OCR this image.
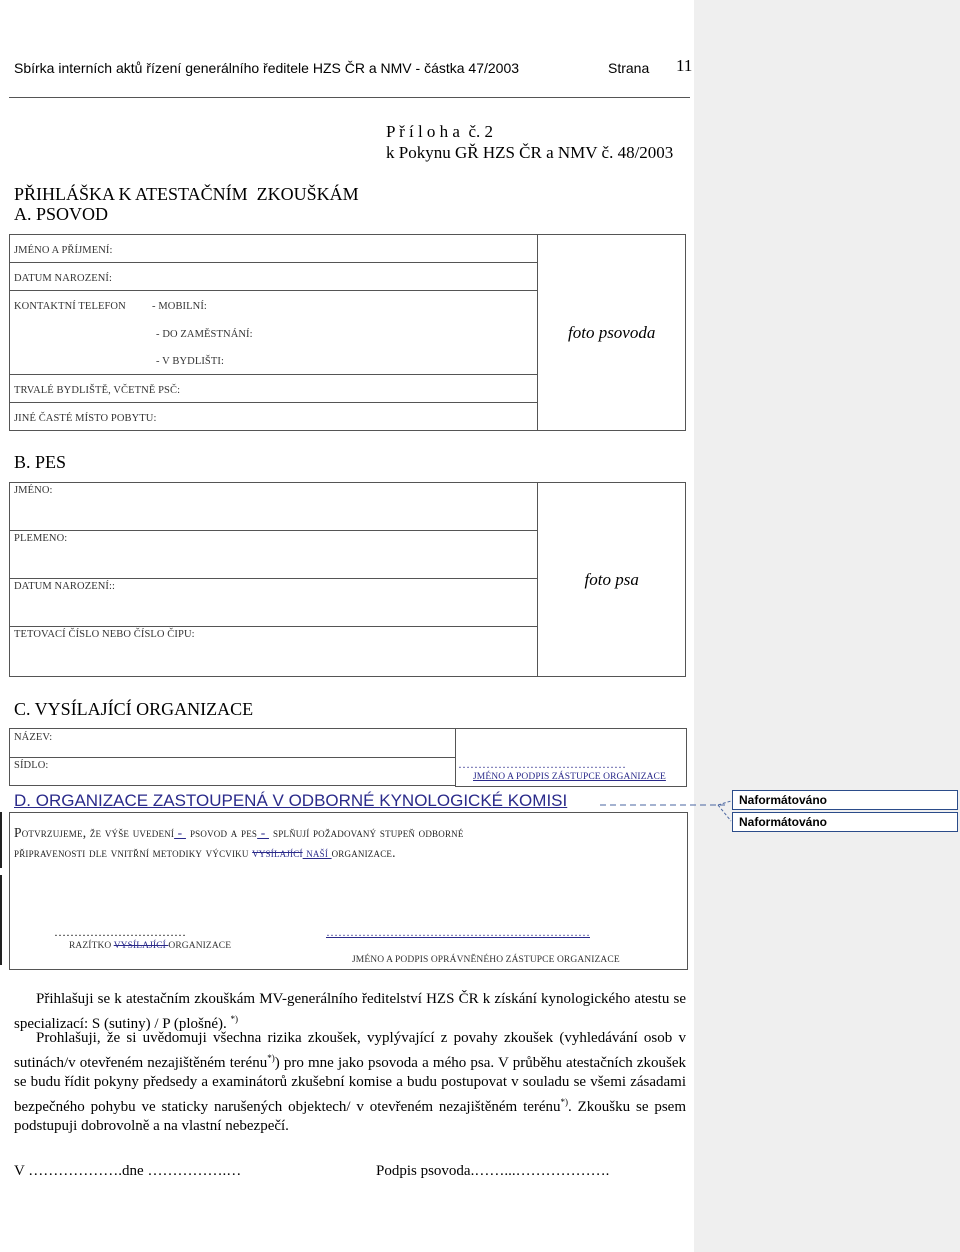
Sbírka interních aktů řízení generálního ředitele HZS ČR a NMV - částka 47/2003	Strana 11
P ř í l o h a  č. 2
k Pokynu GŘ HZS ČR a NMV č. 48/2003
PŘIHLÁŠKA K ATESTAČNÍM  ZKOUŠKÁM
A. PSOVOD
JMÉNO A PŘÍJMENÍ:	foto psovoda
DATUM NAROZENÍ:
KONTAKTNÍ TELEFON - MOBILNÍ:
- DO ZAMĚSTNÁNÍ:
- V BYDLIŠTI:
TRVALÉ BYDLIŠTĚ, VČETNĚ PSČ:
JINÉ ČASTÉ MÍSTO POBYTU:
B. PES
JMÉNO:
	foto psa

PLEMENO:

DATUM NAROZENÍ::

TETOVACÍ ČÍSLO NEBO ČÍSLO ČIPU:
C. VYSÍLAJÍCÍ ORGANIZACE
NÁZEV:
SÍDLO:	……………………………………
JMÉNO A PODPIS ZÁSTUPCE ORGANIZACE
D. ORGANIZACE ZASTOUPENÁ V ODBORNÉ KYNOLOGICKÉ KOMISI	Naformátováno
Naformátováno
Potvrzujeme, že výše uvedení - psovod a pes - splňují požadovaný stupeň odborné
připravenosti dle vnitřní metodiky výcviku vysílající naší organizace.
……………………………
RAZÍTKO VYSÍLAJÍCÍ ORGANIZACE
…………………………………………………………
JMÉNO A PODPIS OPRÁVNĚNÉHO ZÁSTUPCE ORGANIZACE
Přihlašuji se k atestačním zkouškám MV-generálního ředitelství HZS ČR k získání kynologického atestu se specializací: S (sutiny) / P (plošné). *)
Prohlašuji, že si uvědomuji všechna rizika zkoušek, vyplývající z povahy zkoušek (vyhledávání osob v sutinách/v otevřeném nezajištěném terénu*)) pro mne jako psovoda a mého psa. V průběhu atestačních zkoušek se budu řídit pokyny předsedy a examinátorů zkušební komise a budu postupovat v souladu se všemi zásadami bezpečného pohybu ve staticky narušených objektech/ v otevřeném nezajištěném terénu*). Zkoušku se psem podstupuji dobrovolně a na vlastní nebezpečí.
V ……………….dne …………….…	Podpis psovoda.……...……………….
